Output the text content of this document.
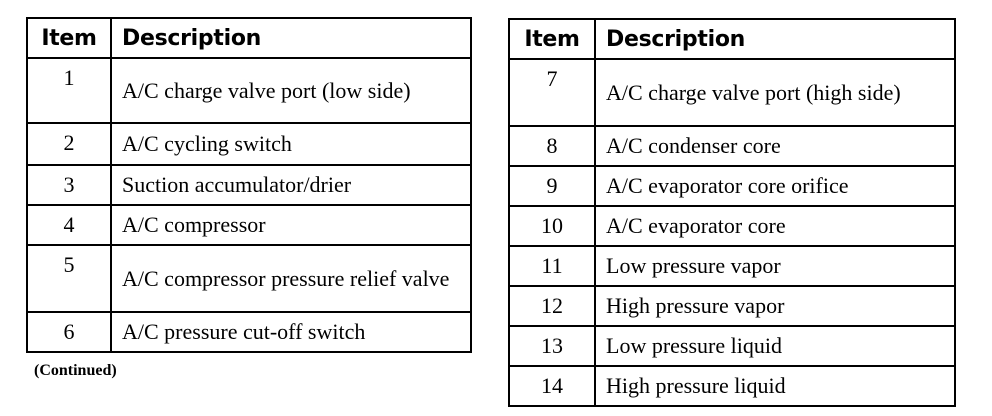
Item	Description
1	A/C charge valve port (low side)
2	A/C cycling switch
3	Suction accumulator/drier
4	A/C compressor
5	A/C compressor pressure relief valve
6	A/C pressure cut-off switch
(Continued)
Item	Description
7	A/C charge valve port (high side)
8	A/C condenser core
9	A/C evaporator core orifice
10	A/C evaporator core
11	Low pressure vapor
12	High pressure vapor
13	Low pressure liquid
14	High pressure liquid
